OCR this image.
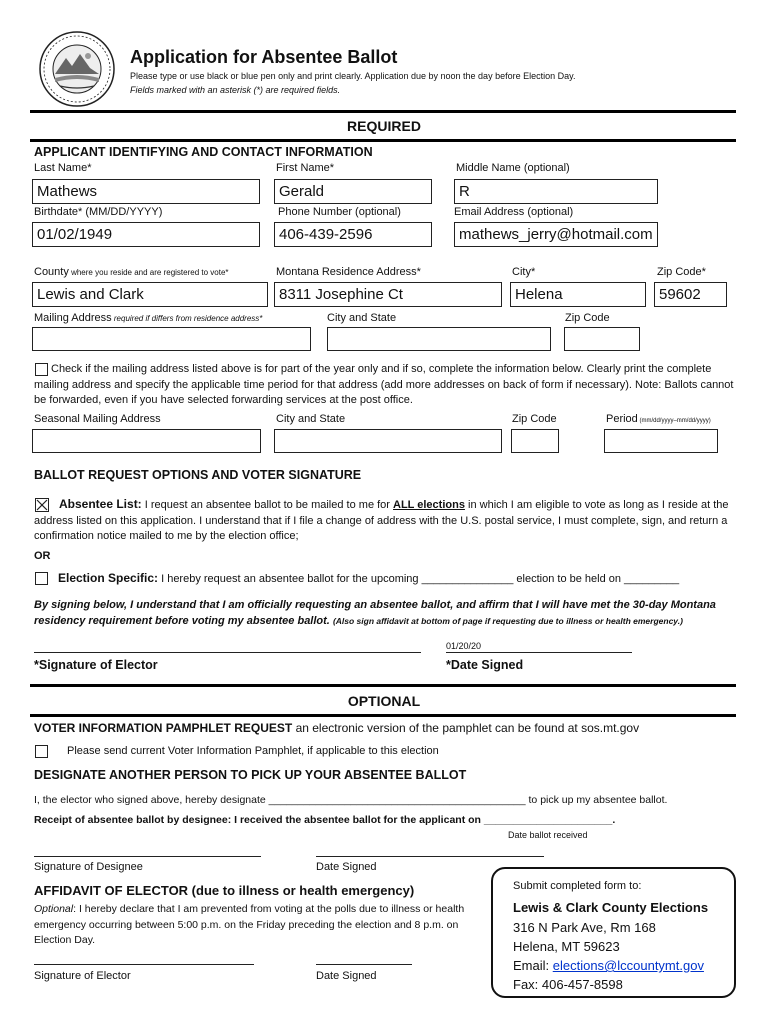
Application for Absentee Ballot
Please type or use black or blue pen only and print clearly. Application due by noon the day before Election Day.
Fields marked with an asterisk (*) are required fields.
REQUIRED
APPLICANT IDENTIFYING AND CONTACT INFORMATION
Last Name*	First Name*	Middle Name (optional)
Mathews	Gerald	R
Birthdate* (MM/DD/YYYY)	Phone Number (optional)	Email Address (optional)
01/02/1949	406-439-2596	mathews_jerry@hotmail.com
County where you reside and are registered to vote*	Montana Residence Address*	City*	Zip Code*
Lewis and Clark	8311 Josephine Ct	Helena	59602
Mailing Address required if differs from residence address*	City and State	Zip Code
Check if the mailing address listed above is for part of the year only and if so, complete the information below. Clearly print the complete mailing address and specify the applicable time period for that address (add more addresses on back of form if necessary). Note: Ballots cannot be forwarded, even if you have selected forwarding services at the post office.
Seasonal Mailing Address	City and State	Zip Code	Period (mm/dd/yyyy–mm/dd/yyyy)
BALLOT REQUEST OPTIONS AND VOTER SIGNATURE
Absentee List: I request an absentee ballot to be mailed to me for ALL elections in which I am eligible to vote as long as I reside at the address listed on this application. I understand that if I file a change of address with the U.S. postal service, I must complete, sign, and return a confirmation notice mailed to me by the election office;
OR
Election Specific: I hereby request an absentee ballot for the upcoming _______________ election to be held on _________
By signing below, I understand that I am officially requesting an absentee ballot, and affirm that I will have met the 30-day Montana residency requirement before voting my absentee ballot. (Also sign affidavit at bottom of page if requesting due to illness or health emergency.)
01/20/20
*Signature of Elector	*Date Signed
OPTIONAL
VOTER INFORMATION PAMPHLET REQUEST an electronic version of the pamphlet can be found at sos.mt.gov
Please send current Voter Information Pamphlet, if applicable to this election
DESIGNATE ANOTHER PERSON TO PICK UP YOUR ABSENTEE BALLOT
I, the elector who signed above, hereby designate ____________________________________________ to pick up my absentee ballot.
Receipt of absentee ballot by designee: I received the absentee ballot for the applicant on ______________________.
Date ballot received
Signature of Designee	Date Signed
AFFIDAVIT OF ELECTOR (due to illness or health emergency)
Optional: I hereby declare that I am prevented from voting at the polls due to illness or health emergency occurring between 5:00 p.m. on the Friday preceding the election and 8 p.m. on Election Day.
Signature of Elector	Date Signed
Submit completed form to:
Lewis & Clark County Elections
316 N Park Ave, Rm 168
Helena, MT 59623
Email: elections@lccountymt.gov
Fax: 406-457-8598
